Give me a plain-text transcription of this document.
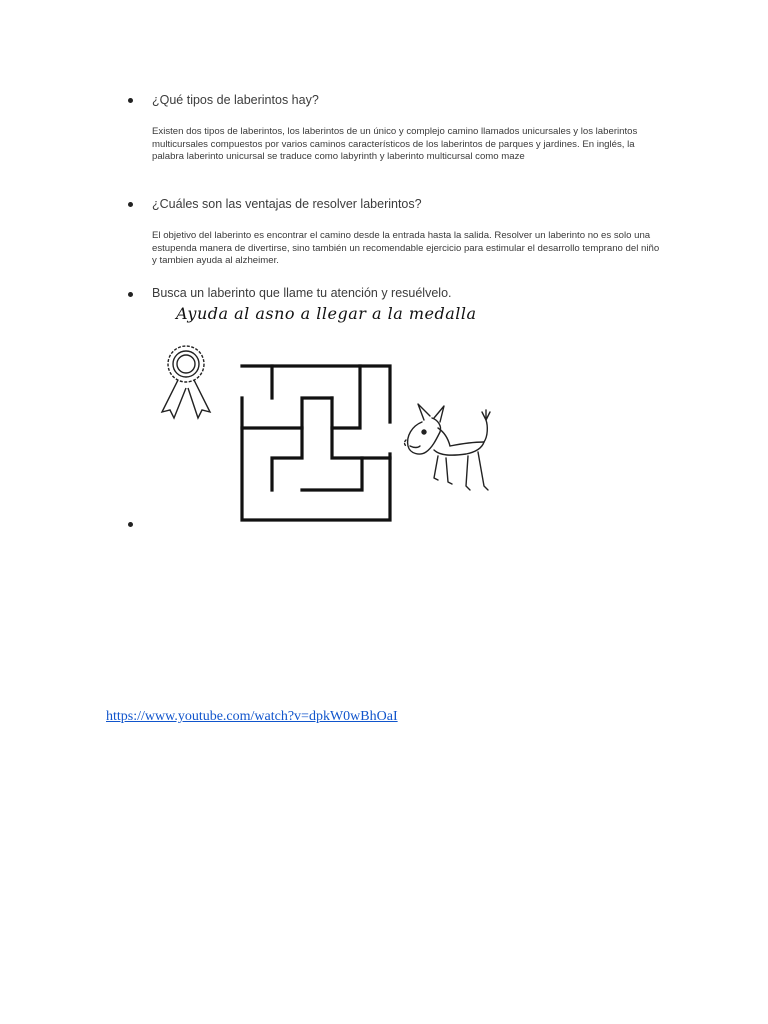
¿Qué tipos de laberintos hay?
Existen dos tipos de laberintos, los laberintos de un único y complejo camino llamados unicursales y los laberintos multicursales compuestos por varios caminos característicos de los laberintos de parques y jardines. En inglés, la palabra laberinto unicursal se traduce como labyrinth y laberinto multicursal como maze
¿Cuáles son las ventajas de resolver laberintos?
El objetivo del laberinto es encontrar el camino desde la entrada hasta la salida. Resolver un laberinto no es solo una estupenda manera de divertirse, sino también un recomendable ejercicio para estimular el desarrollo temprano del niño y tambien ayuda al alzheimer.
Busca un laberinto que llame tu atención y resuélvelo.
Ayuda al asno a llegar a la medalla
https://www.youtube.com/watch?v=dpkW0wBhOaI
